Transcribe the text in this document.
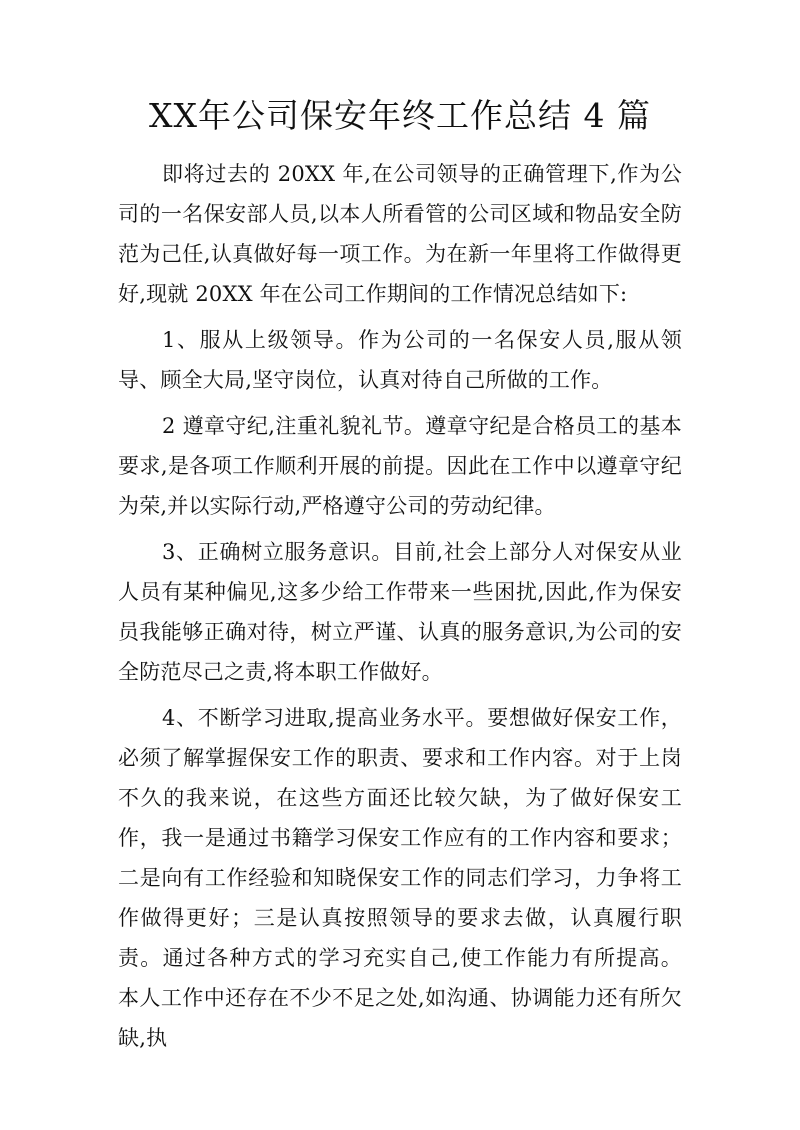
XX年公司保安年终工作总结 4 篇

即将过去的 20XX 年,在公司领导的正确管理下,作为公司的一名保安部人员,以本人所看管的公司区域和物品安全防范为己任,认真做好每一项工作。为在新一年里将工作做得更好,现就 20XX 年在公司工作期间的工作情况总结如下:

1、服从上级领导。作为公司的一名保安人员,服从领导、顾全大局,坚守岗位，认真对待自己所做的工作。

2 遵章守纪,注重礼貌礼节。遵章守纪是合格员工的基本要求,是各项工作顺利开展的前提。因此在工作中以遵章守纪为荣,并以实际行动,严格遵守公司的劳动纪律。

3、正确树立服务意识。目前,社会上部分人对保安从业人员有某种偏见,这多少给工作带来一些困扰,因此,作为保安员我能够正确对待，树立严谨、认真的服务意识,为公司的安全防范尽己之责,将本职工作做好。

4、不断学习进取,提高业务水平。要想做好保安工作，必须了解掌握保安工作的职责、要求和工作内容。对于上岗不久的我来说，在这些方面还比较欠缺，为了做好保安工作，我一是通过书籍学习保安工作应有的工作内容和要求；二是向有工作经验和知晓保安工作的同志们学习，力争将工作做得更好；三是认真按照领导的要求去做，认真履行职责。通过各种方式的学习充实自己,使工作能力有所提高。 本人工作中还存在不少不足之处,如沟通、协调能力还有所欠缺,执
